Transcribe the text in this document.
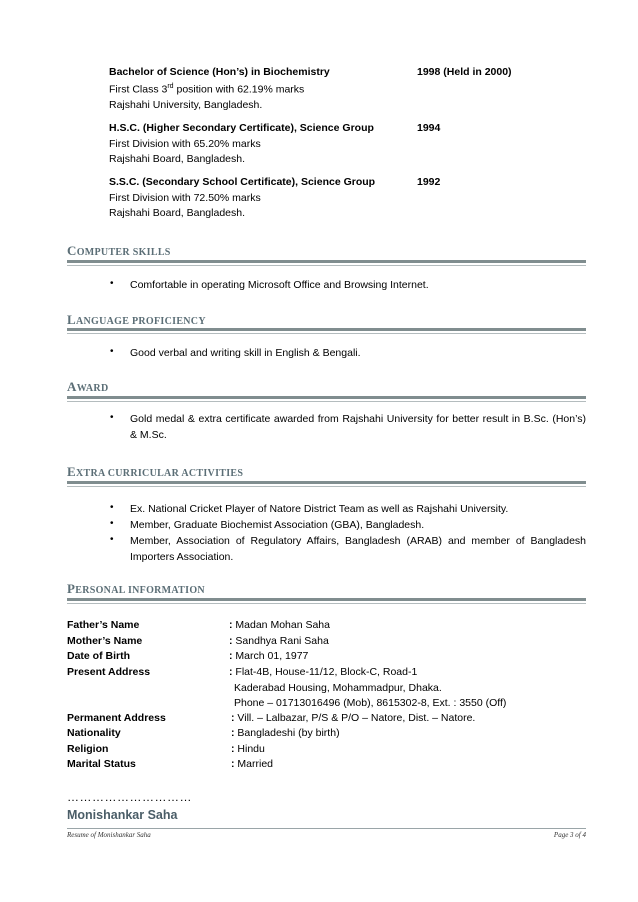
Bachelor of Science (Hon’s) in Biochemistry	1998 (Held in 2000)
First Class 3rd position with 62.19% marks
Rajshahi University, Bangladesh.
H.S.C. (Higher Secondary Certificate), Science Group	1994
First Division with 65.20% marks
Rajshahi Board, Bangladesh.
S.S.C. (Secondary School Certificate), Science Group	1992
First Division with 72.50% marks
Rajshahi Board, Bangladesh.
COMPUTER SKILLS
• Comfortable in operating Microsoft Office and Browsing Internet.
LANGUAGE PROFICIENCY
• Good verbal and writing skill in English & Bengali.
AWARD
• Gold medal & extra certificate awarded from Rajshahi University for better result in B.Sc. (Hon’s) & M.Sc.
EXTRA CURRICULAR ACTIVITIES
• Ex. National Cricket Player of Natore District Team as well as Rajshahi University.
• Member, Graduate Biochemist Association (GBA), Bangladesh.
• Member, Association of Regulatory Affairs, Bangladesh (ARAB) and member of Bangladesh Importers Association.
PERSONAL INFORMATION
Father’s Name	: Madan Mohan Saha
Mother’s Name	: Sandhya Rani Saha
Date of Birth	: March 01, 1977
Present Address	: Flat-4B, House-11/12, Block-C, Road-1
Kaderabad Housing, Mohammadpur, Dhaka.
Phone – 01713016496 (Mob), 8615302-8, Ext. : 3550 (Off)
Permanent Address	: Vill. – Lalbazar, P/S & P/O – Natore, Dist. – Natore.
Nationality	: Bangladeshi (by birth)
Religion	: Hindu
Marital Status	: Married
…………………………
Monishankar Saha
Resume of Monishankar Saha	Page 3 of 4
